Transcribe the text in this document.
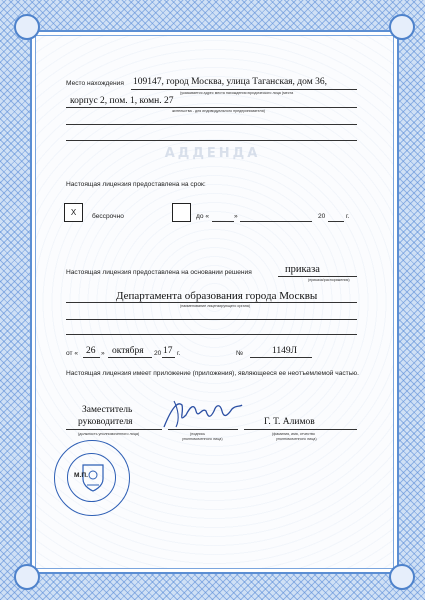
АДДЕНДА
Место нахождения 109147, город Москва, улица Таганская, дом 36,
(указывается адрес места нахождения юридического лица (места
корпус 2, пом. 1, комн. 27
жительства - для индивидуального предпринимателя)
Настоящая лицензия предоставлена на срок:
X	бессрочно	до «	»	20	г.
Настоящая лицензия предоставлена на основании решения	приказа
(приказа/распоряжения)
Департамента образования города Москвы
(наименование лицензирующего органа)
от « 26 » октября 20 17 г.	№	1149Л
Настоящая лицензия имеет приложение (приложения), являющееся ее неотъемлемой частью.
Заместитель
руководителя
(должность уполномоченного лица)	(подпись
уполномоченного лица)
Г. Т. Алимов
(фамилия, имя, отчество
уполномоченного лица)
М.П.
